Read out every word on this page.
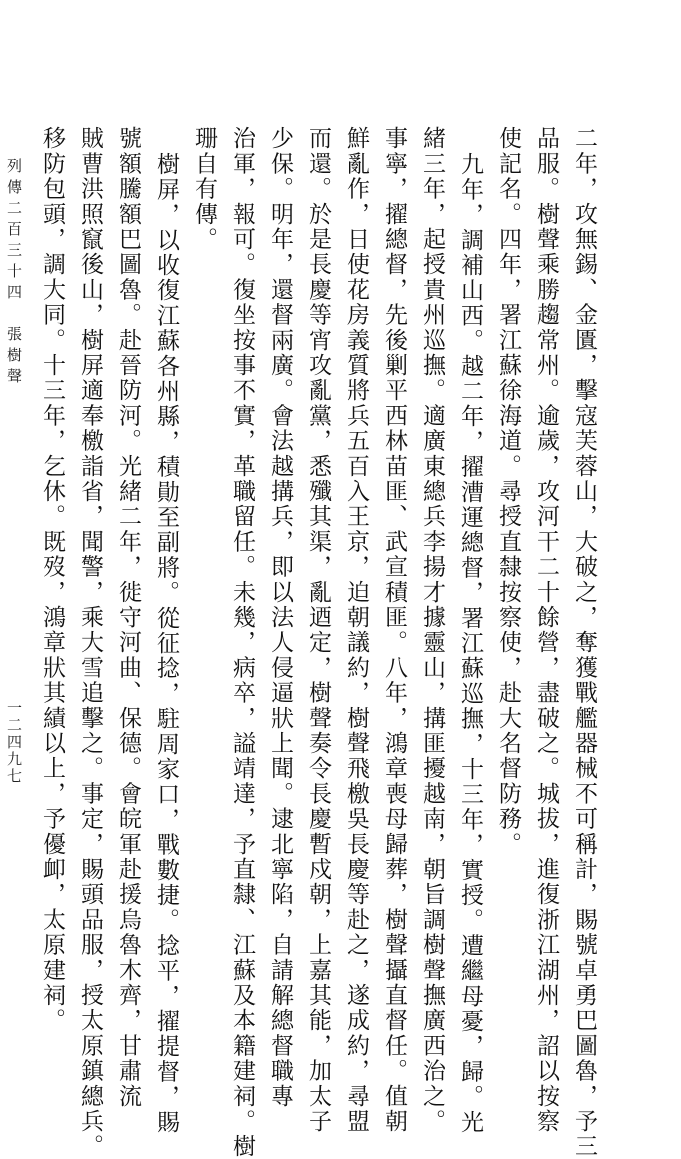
二年，攻無錫、金匱，擊寇芙蓉山，大破之，奪獲戰艦器械不可稱計，賜號卓勇巴圖魯，予三
品服。樹聲乘勝趨常州。逾歲，攻河干二十餘營，盡破之。城拔，進復浙江湖州，詔以按察
使記名。四年，署江蘇徐海道。尋授直隸按察使，赴大名督防務。
九年，調補山西。越二年，擢漕運總督，署江蘇巡撫，十三年，實授。遭繼母憂，歸。光
緒三年，起授貴州巡撫。適廣東總兵李揚才據靈山，搆匪擾越南，朝旨調樹聲撫廣西治之。
事寧，擢總督，先後剿平西林苗匪、武宣積匪。八年，鴻章喪母歸葬，樹聲攝直督任。值朝
鮮亂作，日使花房義質將兵五百入王京，迫朝議約，樹聲飛檄吳長慶等赴之，遂成約，尋盟
而還。於是長慶等宵攻亂黨，悉殲其渠，亂迺定，樹聲奏令長慶暫戍朝，上嘉其能，加太子
少保。明年，還督兩廣。會法越搆兵，即以法人侵逼狀上聞。逮北寧陷，自請解總督職專
治軍，報可。復坐按事不實，革職留任。未幾，病卒，謚靖達，予直隸、江蘇及本籍建祠。樹
珊自有傳。
樹屏，以收復江蘇各州縣，積勛至副將。從征捻，駐周家口，戰數捷。捻平，擢提督，賜
號額騰額巴圖魯。赴晉防河。光緒二年，徙守河曲、保德。會皖軍赴援烏魯木齊，甘肅流
賊曹洪照竄後山，樹屏適奉檄詣省，聞警，乘大雪追擊之。事定，賜頭品服，授太原鎮總兵。
移防包頭，調大同。十三年，乞休。既歿，鴻章狀其績以上，予優卹，太原建祠。
列傳二百三十四　張樹聲
一二四九七
